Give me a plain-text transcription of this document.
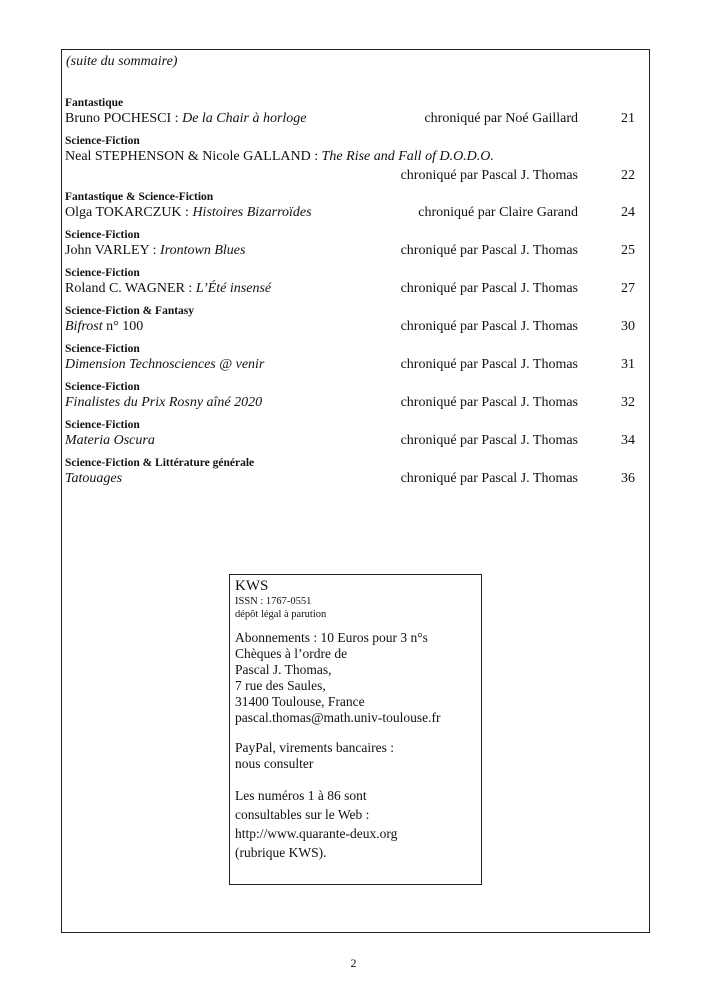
(suite du sommaire)
Fantastique
Bruno POCHESCI : De la Chair à horloge	chroniqué par Noé Gaillard	21
Science-Fiction
Neal STEPHENSON & Nicole GALLAND : The Rise and Fall of D.O.D.O.
chroniqué par Pascal J. Thomas	22
Fantastique & Science-Fiction
Olga TOKARCZUK : Histoires Bizarroïdes	chroniqué par Claire Garand	24
Science-Fiction
John VARLEY : Irontown Blues	chroniqué par Pascal J. Thomas	25
Science-Fiction
Roland C. WAGNER : L’Été insensé	chroniqué par Pascal J. Thomas	27
Science-Fiction & Fantasy
Bifrost n° 100	chroniqué par Pascal J. Thomas	30
Science-Fiction
Dimension Technosciences @ venir	chroniqué par Pascal J. Thomas	31
Science-Fiction
Finalistes du Prix Rosny aîné 2020	chroniqué par Pascal J. Thomas	32
Science-Fiction
Materia Oscura	chroniqué par Pascal J. Thomas	34
Science-Fiction & Littérature générale
Tatouages	chroniqué par Pascal J. Thomas	36
KWS
ISSN : 1767-0551
dépôt légal à parution
Abonnements : 10 Euros pour 3 n°s
Chèques à l’ordre de
Pascal J. Thomas,
7 rue des Saules,
31400 Toulouse, France
pascal.thomas@math.univ-toulouse.fr
PayPal, virements bancaires :
nous consulter
Les numéros 1 à 86 sont
consultables sur le Web :
http://www.quarante-deux.org
(rubrique KWS).
2
